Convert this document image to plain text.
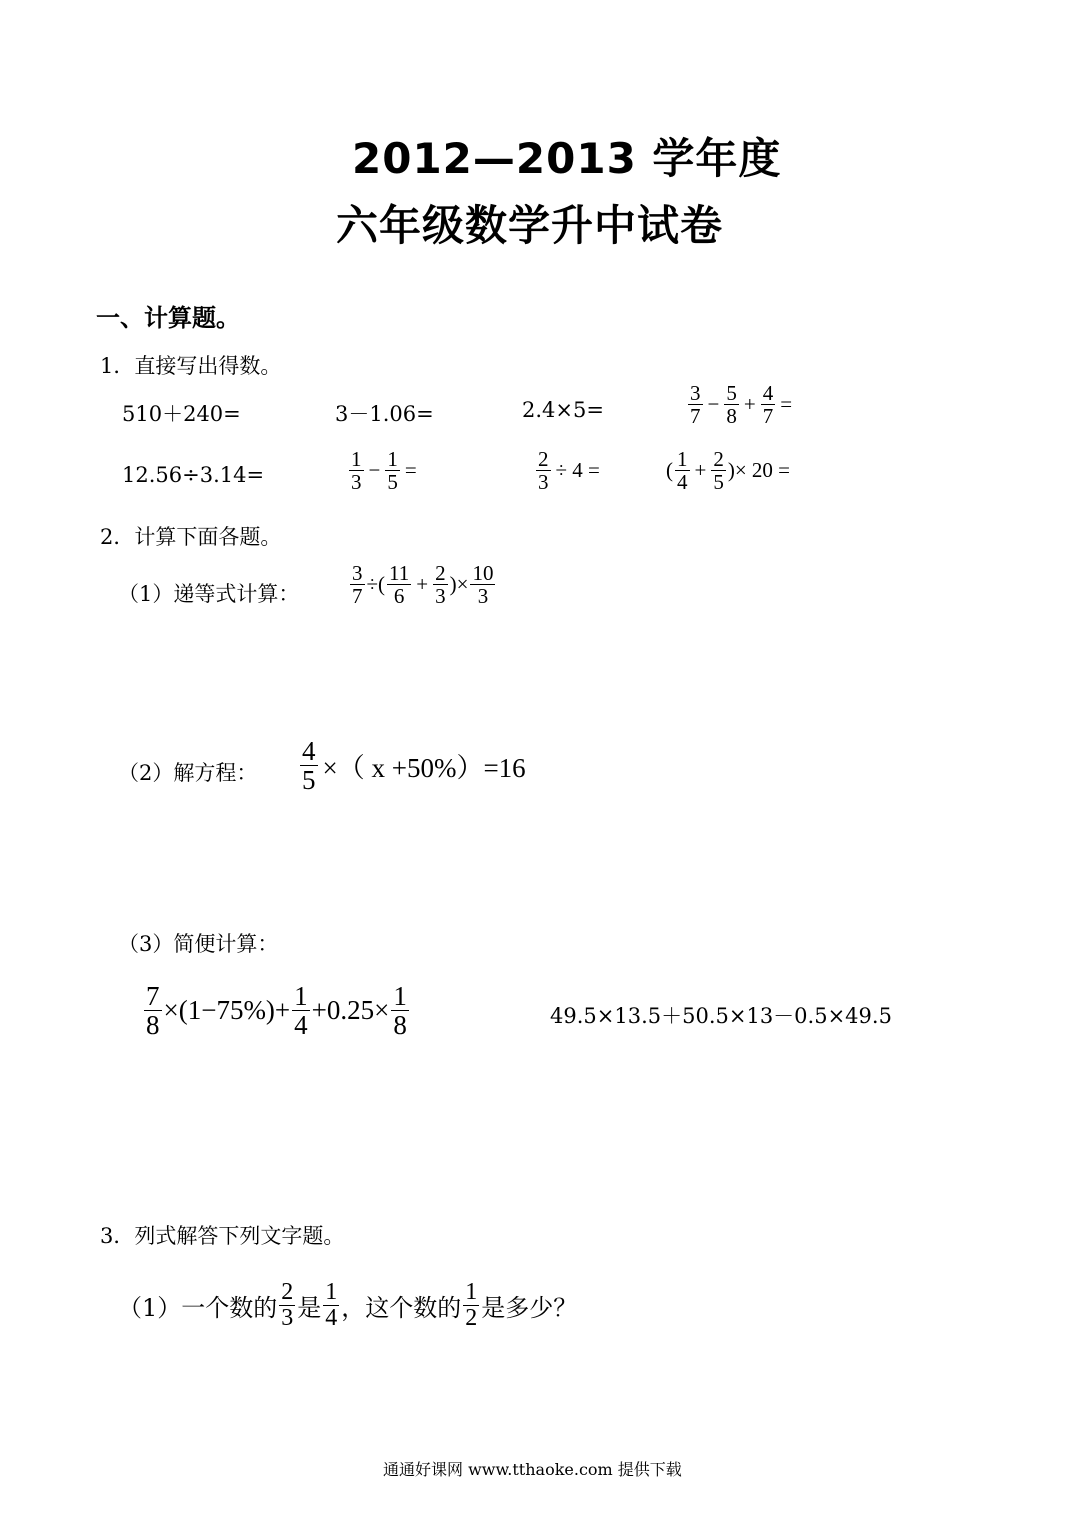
2012—2013 学年度
六年级数学升中试卷
一、计算题。
1．直接写出得数。
510＋240=	3－1.06=	2.4×5=	$\frac{3}{7} - \frac{5}{8} + \frac{4}{7}$ =
12.56÷3.14=	$\frac{1}{3} - \frac{1}{5}$ =	$\frac{2}{3} \div 4$ =	( $\frac{1}{4} + \frac{2}{5}$ )× 20 =
2．计算下面各题。
（1）递等式计算： $\frac{3}{7}$ ÷( $\frac{11}{6} + \frac{2}{3}$ )× $\frac{10}{3}$
（2）解方程： $\frac{4}{5}$ ×（ x +50%）=16
（3）简便计算：
$\frac{7}{8} \times(1-75\%)+ \frac{1}{4} +0.25\times \frac{1}{8}$	49.5×13.5＋50.5×13－0.5×49.5
3．列式解答下列文字题。
（1）一个数的 $\frac{2}{3}$ 是 $\frac{1}{4}$ ，这个数的 $\frac{1}{2}$ 是多少？
通通好课网 www.tthaoke.com 提供下载
